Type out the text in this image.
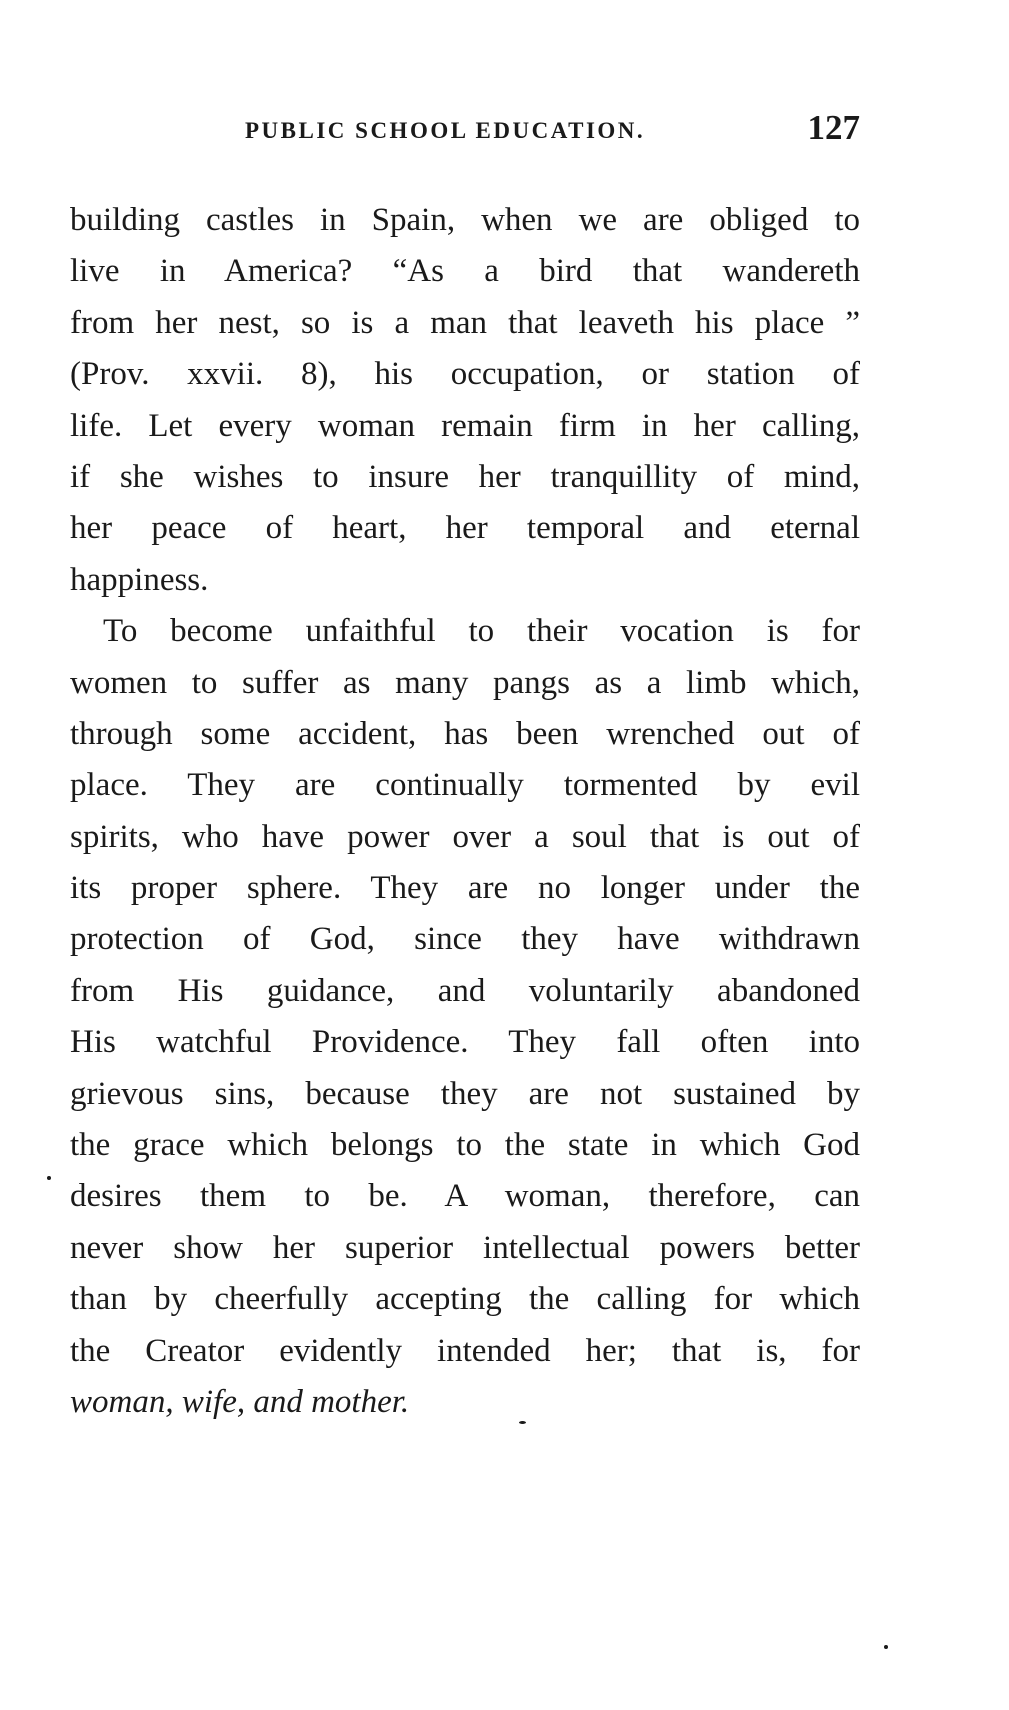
PUBLIC SCHOOL EDUCATION.	127
building castles in Spain, when we are obliged to
live in America? “As a bird that wandereth
from her nest, so is a man that leaveth his place ”
(Prov. xxvii. 8), his occupation, or station of
life. Let every woman remain firm in her calling,
if she wishes to insure her tranquillity of mind,
her peace of heart, her temporal and eternal
happiness.
To become unfaithful to their vocation is for
women to suffer as many pangs as a limb which,
through some accident, has been wrenched out of
place. They are continually tormented by evil
spirits, who have power over a soul that is out of
its proper sphere. They are no longer under the
protection of God, since they have withdrawn
from His guidance, and voluntarily abandoned
His watchful Providence. They fall often into
grievous sins, because they are not sustained by
the grace which belongs to the state in which God
desires them to be. A woman, therefore, can
never show her superior intellectual powers better
than by cheerfully accepting the calling for which
the Creator evidently intended her; that is, for
woman, wife, and mother.
